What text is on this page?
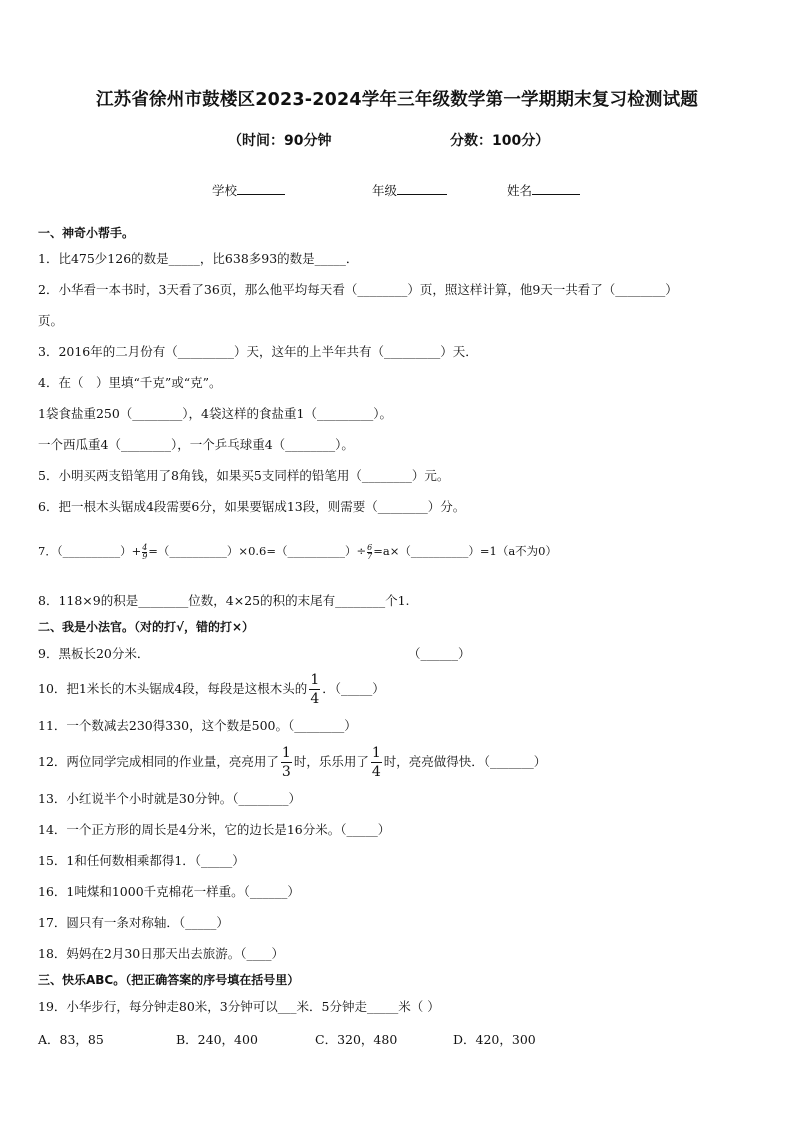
江苏省徐州市鼓楼区2023-2024学年三年级数学第一学期期末复习检测试题
（时间：90分钟	分数：100分）
学校	年级	姓名
一、神奇小帮手。
1．比475少126的数是_____，比638多93的数是_____．
2．小华看一本书时，3天看了36页，那么他平均每天看（________）页，照这样计算，他9天一共看了（________）
页。
3．2016年的二月份有（_________）天，这年的上半年共有（_________）天．
4．在（　）里填“千克”或“克”。
1袋食盐重250（________），4袋这样的食盐重1（_________）。
一个西瓜重4（________），一个乒乓球重4（________）。
5．小明买两支铅笔用了8角钱，如果买5支同样的铅笔用（________）元。
6．把一根木头锯成4段需要6分，如果要锯成13段，则需要（________）分。
7．（__________）+ $\frac{4}{9}$ =（__________）×0.6=（__________）÷ $\frac{6}{7}$ =a×（__________）=1（a不为0）
8．118×9的积是________位数，4×25的积的末尾有________个1.
二、我是小法官。（对的打√，错的打×）
9．黑板长20分米．	（______）
10．把1米长的木头锯成4段，每段是这根木头的 $\frac{1}{4}$ ．（_____）
11．一个数减去230得330，这个数是500。（________）
12．两位同学完成相同的作业量，亮亮用了 $\frac{1}{3}$ 时，乐乐用了 $\frac{1}{4}$ 时，亮亮做得快．（_______）
13．小红说半个小时就是30分钟。（________）
14．一个正方形的周长是4分米，它的边长是16分米。（_____）
15．1和任何数相乘都得1．（_____）
16．1吨煤和1000千克棉花一样重。（______）
17．圆只有一条对称轴．（_____）
18．妈妈在2月30日那天出去旅游。（____）
三、快乐ABC。（把正确答案的序号填在括号里）
19．小华步行，每分钟走80米，3分钟可以___米．5分钟走_____米（ ）
A．83，85	B．240，400	C．320，480	D．420，300
